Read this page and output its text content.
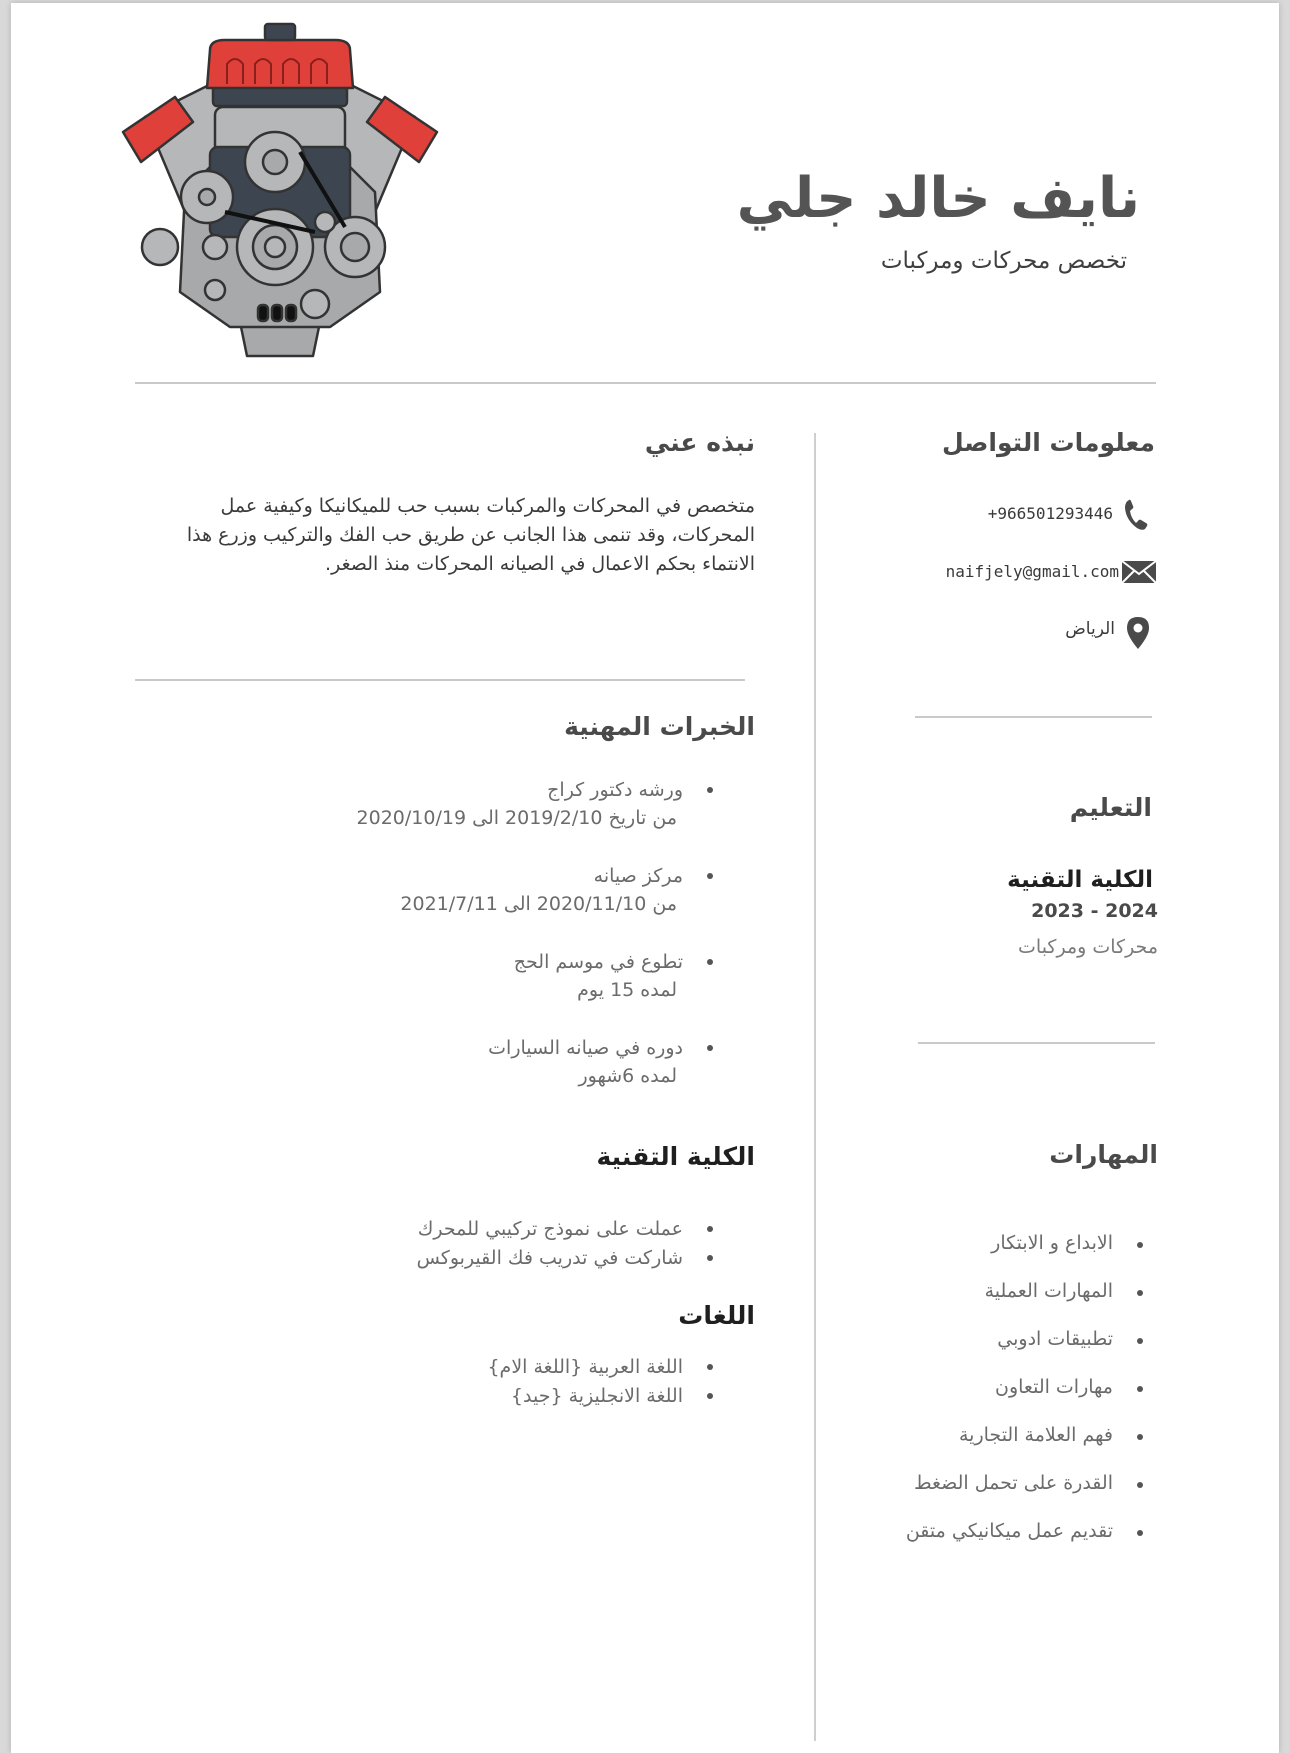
نايف خالد جلي
تخصص محركات ومركبات
معلومات التواصل
+966501293446
naifjely@gmail.com
الرياض
التعليم
الكلية التقنية
2023 - 2024
محركات ومركبات
المهارات
الابداع و الابتكار
المهارات العملية
تطبيقات ادوبي
مهارات التعاون
فهم العلامة التجارية
القدرة على تحمل الضغط
تقديم عمل ميكانيكي متقن
نبذه عني
متخصص في المحركات والمركبات بسبب حب للميكانيكا وكيفية عمل المحركات، وقد تنمى هذا الجانب عن طريق حب الفك والتركيب وزرع هذا الانتماء بحكم الاعمال في الصيانه المحركات منذ الصغر.
الخبرات المهنية
ورشه دكتور كراج
من تاريخ 2019/2/10 الى 2020/10/19
مركز صيانه
من 2020/11/10 الى 2021/7/11
تطوع في موسم الحج
لمده 15 يوم
دوره في صيانه السيارات
لمده 6شهور
الكلية التقنية
عملت على نموذج تركيبي للمحرك
شاركت في تدريب فك القيربوكس
اللغات
اللغة العربية {اللغة الام}
اللغة الانجليزية {جيد}
